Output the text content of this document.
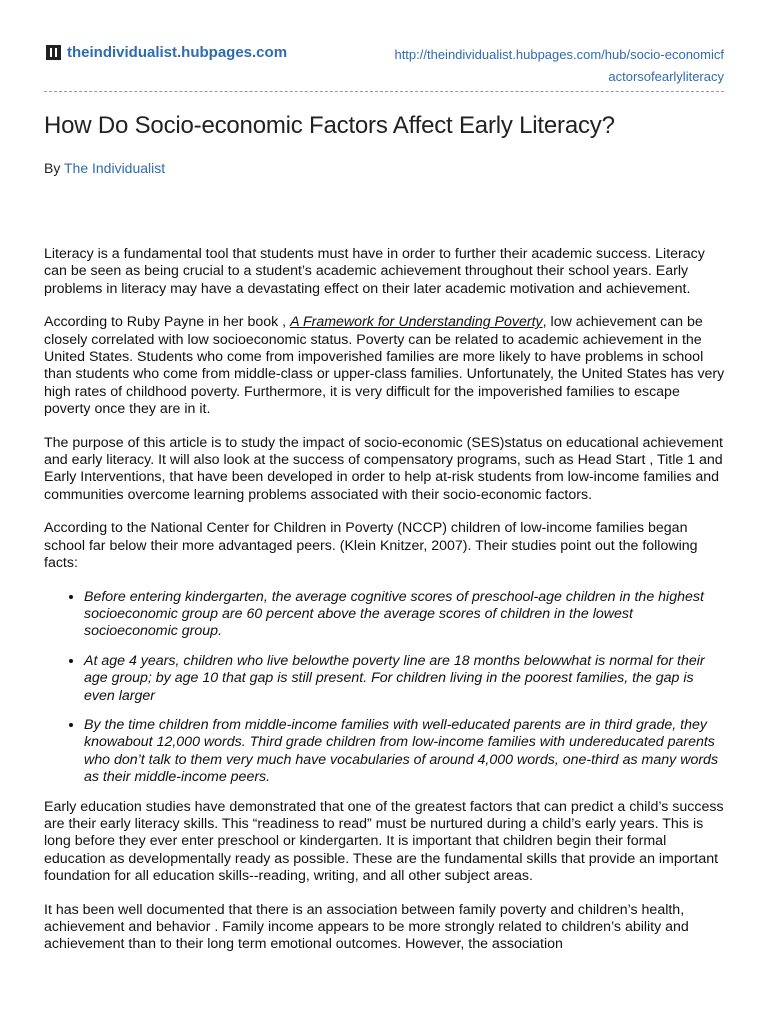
theindividualist.hubpages.com	http://theindividualist.hubpages.com/hub/socio-economicfactorsofearlyliteracy
How Do Socio-economic Factors Affect Early Literacy?
By The Individualist

Literacy is a fundamental tool that students must have in order to further their academic success. Literacy can be seen as being crucial to a student’s academic achievement throughout their school years. Early problems in literacy may have a devastating effect on their later academic motivation and achievement.

According to Ruby Payne in her book , A Framework for Understanding Poverty, low achievement can be closely correlated with low socioeconomic status. Poverty can be related to academic achievement in the United States. Students who come from impoverished families are more likely to have problems in school than students who come from middle-class or upper-class families. Unfortunately, the United States has very high rates of childhood poverty. Furthermore, it is very difficult for the impoverished families to escape poverty once they are in it.

The purpose of this article is to study the impact of socio-economic (SES)status on educational achievement and early literacy. It will also look at the success of compensatory programs, such as Head Start , Title 1 and Early Interventions, that have been developed in order to help at-risk students from low-income families and communities overcome learning problems associated with their socio-economic factors.

According to the National Center for Children in Poverty (NCCP) children of low-income families began school far below their more advantaged peers. (Klein Knitzer, 2007). Their studies point out the following facts:

• Before entering kindergarten, the average cognitive scores of preschool-age children in the highest socioeconomic group are 60 percent above the average scores of children in the lowest socioeconomic group.
• At age 4 years, children who live belowthe poverty line are 18 months belowwhat is normal for their age group; by age 10 that gap is still present. For children living in the poorest families, the gap is even larger
• By the time children from middle-income families with well-educated parents are in third grade, they knowabout 12,000 words. Third grade children from low-income families with undereducated parents who don’t talk to them very much have vocabularies of around 4,000 words, one-third as many words as their middle-income peers.

Early education studies have demonstrated that one of the greatest factors that can predict a child’s success are their early literacy skills. This “readiness to read” must be nurtured during a child’s early years. This is long before they ever enter preschool or kindergarten. It is important that children begin their formal education as developmentally ready as possible. These are the fundamental skills that provide an important foundation for all education skills--reading, writing, and all other subject areas.

It has been well documented that there is an association between family poverty and children’s health, achievement and behavior . Family income appears to be more strongly related to children’s ability and achievement than to their long term emotional outcomes. However, the association
